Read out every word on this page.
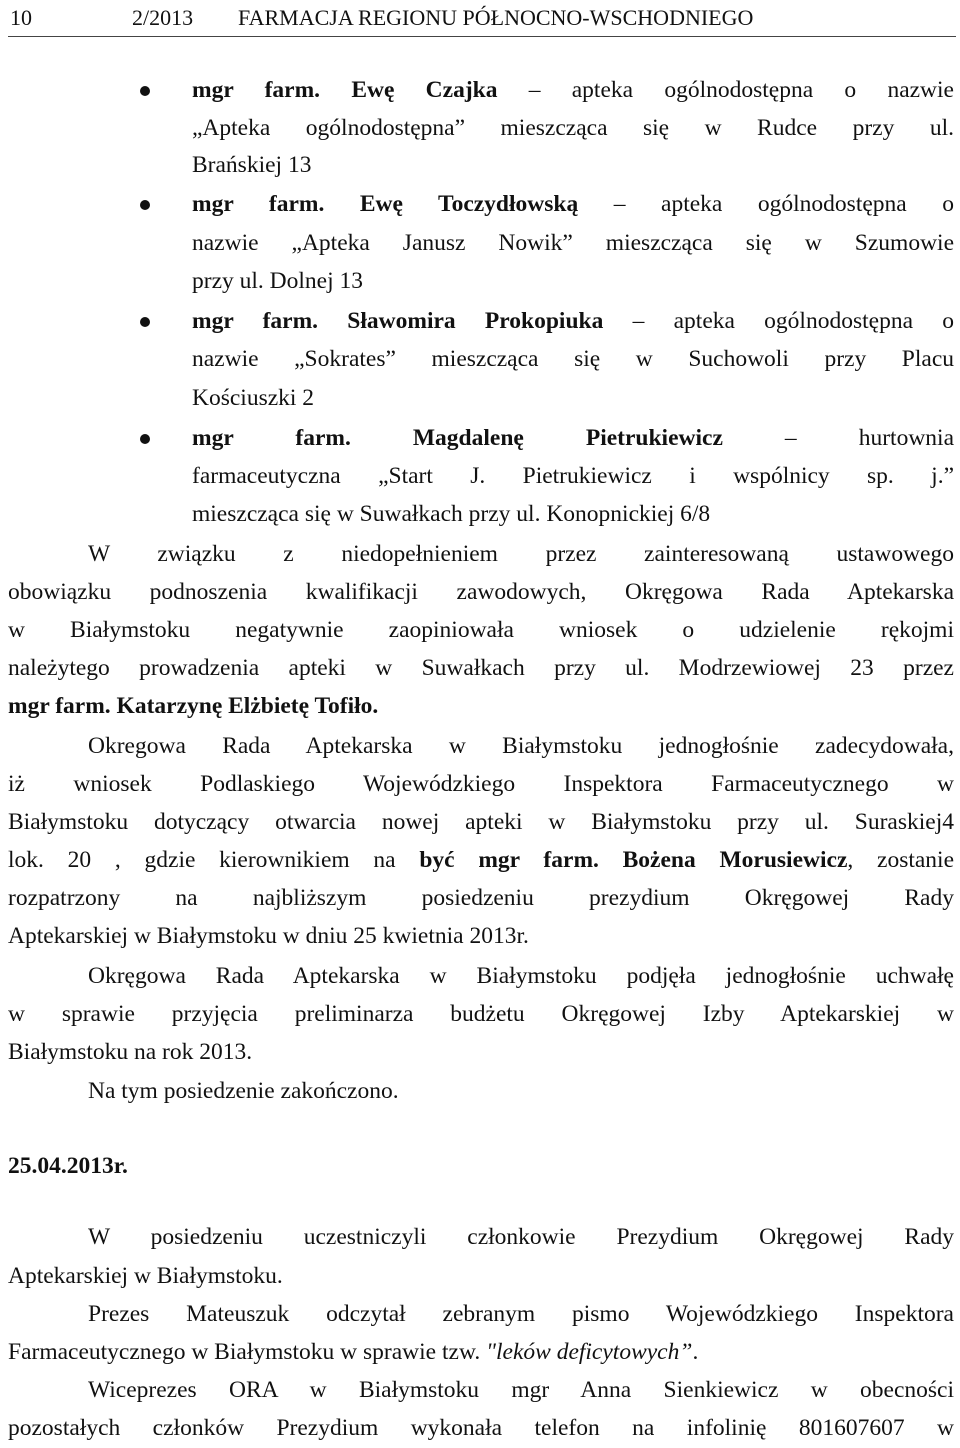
10	2/2013 FARMACJA REGIONU PÓŁNOCNO-WSCHODNIEGO
mgr farm. Ewę Czajka – apteka ogólnodostępna o nazwie
„Apteka ogólnodostępna” mieszcząca się w Rudce przy ul.
Brańskiej 13
mgr farm. Ewę Toczydłowską – apteka ogólnodostępna o
nazwie „Apteka Janusz Nowik” mieszcząca się w Szumowie
przy ul. Dolnej 13
mgr farm. Sławomira Prokopiuka – apteka ogólnodostępna o
nazwie „Sokrates” mieszcząca się w Suchowoli przy Placu
Kościuszki 2
mgr farm. Magdalenę Pietrukiewicz – hurtownia
farmaceutyczna „Start J. Pietrukiewicz i wspólnicy sp. j.”
mieszcząca się w Suwałkach przy ul. Konopnickiej 6/8
W związku z niedopełnieniem przez zainteresowaną ustawowego
obowiązku podnoszenia kwalifikacji zawodowych, Okręgowa Rada Aptekarska
w Białymstoku negatywnie zaopiniowała wniosek o udzielenie rękojmi
należytego prowadzenia apteki w Suwałkach przy ul. Modrzewiowej 23 przez
mgr farm. Katarzynę Elżbietę Tofiło.
Okregowa Rada Aptekarska w Białymstoku jednogłośnie zadecydowała,
iż wniosek Podlaskiego Wojewódzkiego Inspektora Farmaceutycznego w
Białymstoku dotyczący otwarcia nowej apteki w Białymstoku przy ul. Suraskiej4
lok. 20 , gdzie kierownikiem na być mgr farm. Bożena Morusiewicz, zostanie
rozpatrzony na najbliższym posiedzeniu prezydium Okręgowej Rady
Aptekarskiej w Białymstoku w dniu 25 kwietnia 2013r.
Okręgowa Rada Aptekarska w Białymstoku podjęła jednogłośnie uchwałę
w sprawie przyjęcia preliminarza budżetu Okręgowej Izby Aptekarskiej w
Białymstoku na rok 2013.
Na tym posiedzenie zakończono.
25.04.2013r.
W posiedzeniu uczestniczyli członkowie Prezydium Okręgowej Rady
Aptekarskiej w Białymstoku.
Prezes Mateuszuk odczytał zebranym pismo Wojewódzkiego Inspektora
Farmaceutycznego w Białymstoku w sprawie tzw. "leków deficytowych”.
Wiceprezes ORA w Białymstoku mgr Anna Sienkiewicz w obecności
pozostałych członków Prezydium wykonała telefon na infolinię 801607607 w
